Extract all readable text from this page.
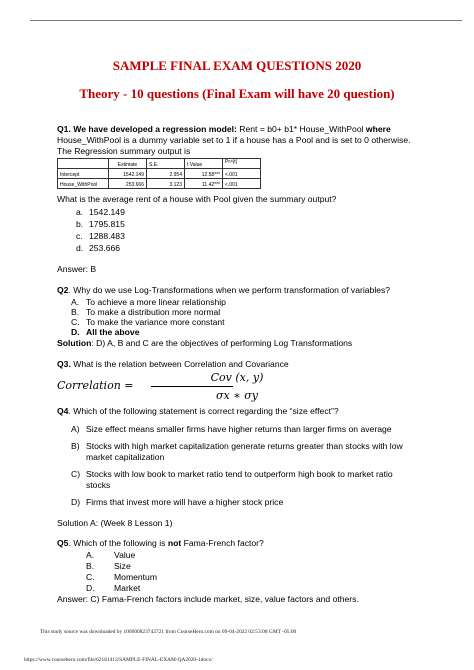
SAMPLE FINAL EXAM QUESTIONS 2020
Theory - 10 questions (Final Exam will have 20 question)
Q1. We have developed a regression model: Rent = b0+ b1* House_WithPool where
House_WithPool is a dummy variable set to 1 if a house has a Pool and is set to 0 otherwise.
The Regression summary output is
	Estimate	S.E.	t Value	Pr>|t|
Intercept	1542.149	2.954	12.58***	<.001
House_WithPool	253.666	3.123	11.42***	<.001
What is the average rent of a house with Pool given the summary output?
a. 1542.149
b. 1795.815
c. 1288.483
d. 253.666
Answer: B
Q2. Why do we use Log-Transformations when we perform transformation of variables?
A. To achieve a more linear relationship
B. To make a distribution more normal
C. To make the variance more constant
D. All the above
Solution: D) A, B and C are the objectives of performing Log Transformations
Q3. What is the relation between Correlation and Covariance
Correlation =
Cov (x, y)
σx ∗ σy
Q4. Which of the following statement is correct regarding the “size effect”?
A) Size effect means smaller firms have higher returns than larger firms on average
B) Stocks with high market capitalization generate returns greater than stocks with low
market capitalization
C) Stocks with low book to market ratio tend to outperform high book to market ratio
stocks
D) Firms that invest more will have a higher stock price
Solution A: (Week 8 Lesson 1)
Q5. Which of the following is not Fama-French factor?
A. Value
B. Size
C. Momentum
D. Market
Answer: C) Fama-French factors include market, size, value factors and others.
This study source was downloaded by 100000823742721 from CourseHero.com on 09-04-2022 02:53:08 GMT -05:00
https://www.coursehero.com/file/62181413/SAMPLE-FINAL-EXAM-QA2020-1docx/
